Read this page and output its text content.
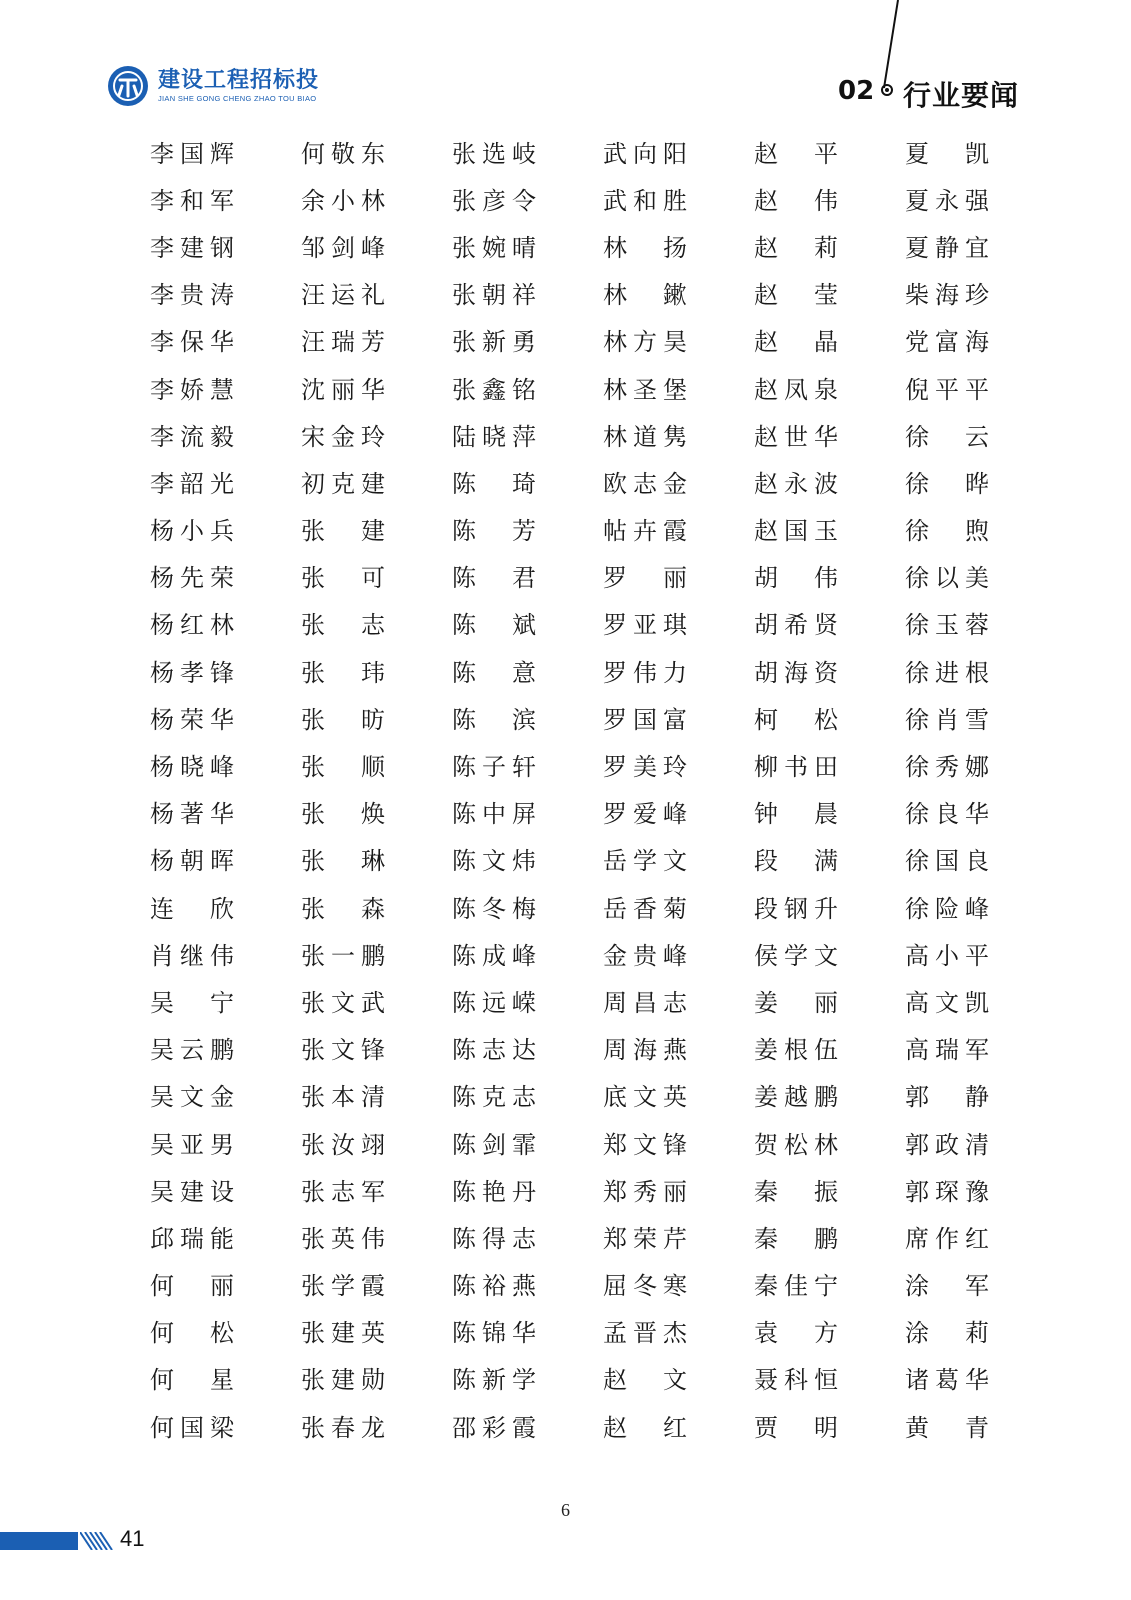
建设工程招标投
JIAN SHE GONG CHENG ZHAO TOU BIAO	02 行业要闻
李 国 辉	何 敬 东	张 选 岐	武 向 阳	赵 平	夏 凯
李 和 军	余 小 林	张 彦 令	武 和 胜	赵 伟	夏 永 强
李 建 钢	邹 剑 峰	张 婉 晴	林 扬	赵 莉	夏 静 宜
李 贵 涛	汪 运 礼	张 朝 祥	林 鏉	赵 莹	柴 海 珍
李 保 华	汪 瑞 芳	张 新 勇	林 方 昊	赵 晶	党 富 海
李 娇 慧	沈 丽 华	张 鑫 铭	林 圣 堡	赵 凤 泉	倪 平 平
李 流 毅	宋 金 玲	陆 晓 萍	林 道 隽	赵 世 华	徐 云
李 韶 光	初 克 建	陈 琦	欧 志 金	赵 永 波	徐 晔
杨 小 兵	张 建	陈 芳	帖 卉 霞	赵 国 玉	徐 煦
杨 先 荣	张 可	陈 君	罗 丽	胡 伟	徐 以 美
杨 红 林	张 志	陈 斌	罗 亚 琪	胡 希 贤	徐 玉 蓉
杨 孝 锋	张 玮	陈 意	罗 伟 力	胡 海 资	徐 进 根
杨 荣 华	张 昉	陈 滨	罗 国 富	柯 松	徐 肖 雪
杨 晓 峰	张 顺	陈 子 轩	罗 美 玲	柳 书 田	徐 秀 娜
杨 著 华	张 焕	陈 中 屏	罗 爱 峰	钟 晨	徐 良 华
杨 朝 晖	张 琳	陈 文 炜	岳 学 文	段 满	徐 国 良
连 欣	张 森	陈 冬 梅	岳 香 菊	段 钢 升	徐 险 峰
肖 继 伟	张 一 鹏	陈 成 峰	金 贵 峰	侯 学 文	高 小 平
吴 宁	张 文 武	陈 远 嵘	周 昌 志	姜 丽	高 文 凯
吴 云 鹏	张 文 锋	陈 志 达	周 海 燕	姜 根 伍	高 瑞 军
吴 文 金	张 本 清	陈 克 志	底 文 英	姜 越 鹏	郭 静
吴 亚 男	张 汝 翊	陈 剑 霏	郑 文 锋	贺 松 林	郭 政 清
吴 建 设	张 志 军	陈 艳 丹	郑 秀 丽	秦 振	郭 琛 豫
邱 瑞 能	张 英 伟	陈 得 志	郑 荣 芹	秦 鹏	席 作 红
何 丽	张 学 霞	陈 裕 燕	屈 冬 寒	秦 佳 宁	涂 军
何 松	张 建 英	陈 锦 华	孟 晋 杰	袁 方	涂 莉
何 星	张 建 勋	陈 新 学	赵 文	聂 科 恒	诸 葛 华
何 国 梁	张 春 龙	邵 彩 霞	赵 红	贾 明	黄 青
6
41
